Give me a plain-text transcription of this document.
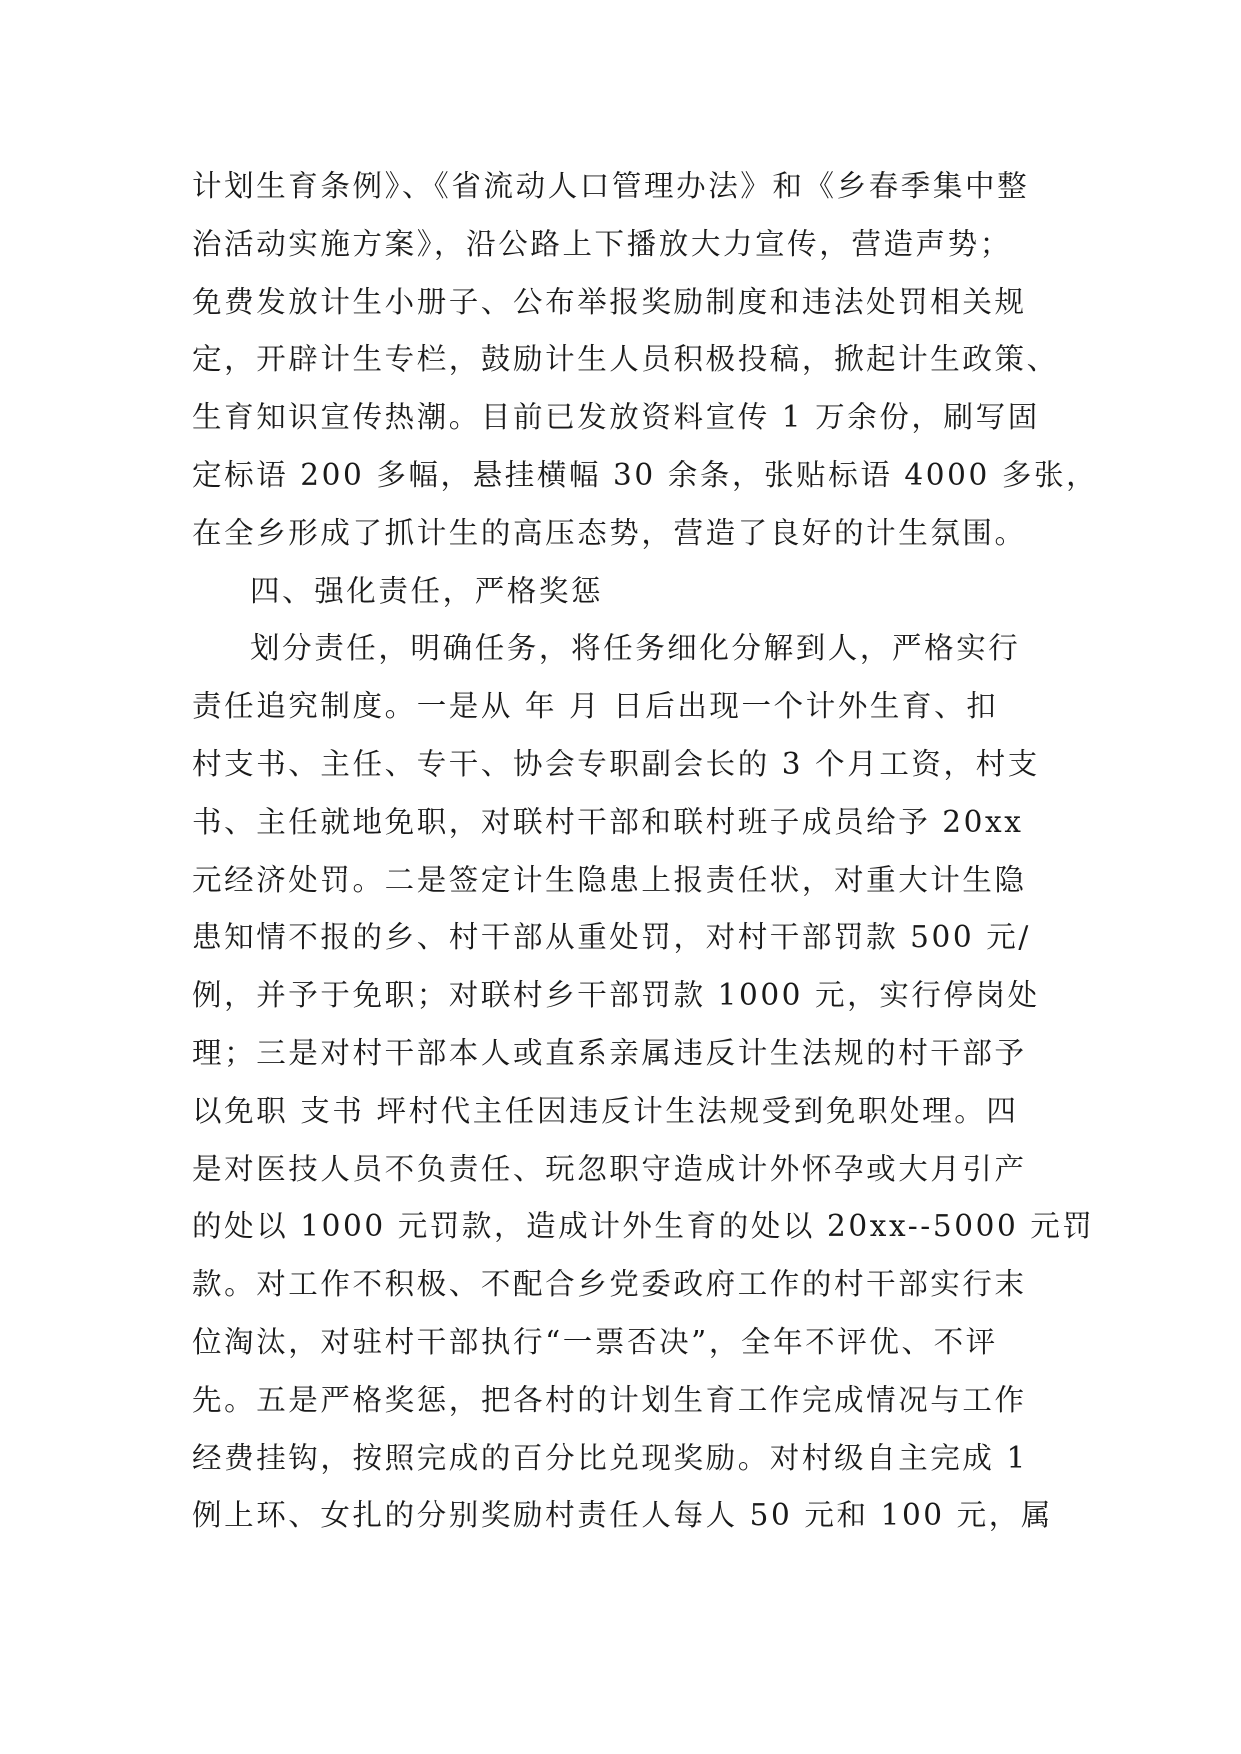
计划生育条例》、《省流动人口管理办法》和《乡春季集中整
治活动实施方案》，沿公路上下播放大力宣传，营造声势；
免费发放计生小册子、公布举报奖励制度和违法处罚相关规
定，开辟计生专栏，鼓励计生人员积极投稿，掀起计生政策、
生育知识宣传热潮。目前已发放资料宣传 1 万余份，刷写固
定标语 200 多幅，悬挂横幅 30 余条，张贴标语 4000 多张，
在全乡形成了抓计生的高压态势，营造了良好的计生氛围。
四、强化责任，严格奖惩
划分责任，明确任务，将任务细化分解到人，严格实行
责任追究制度。一是从 年 月 日后出现一个计外生育、扣
村支书、主任、专干、协会专职副会长的 3 个月工资，村支
书、主任就地免职，对联村干部和联村班子成员给予 20xx
元经济处罚。二是签定计生隐患上报责任状，对重大计生隐
患知情不报的乡、村干部从重处罚，对村干部罚款 500 元/
例，并予于免职；对联村乡干部罚款 1000 元，实行停岗处
理；三是对村干部本人或直系亲属违反计生法规的村干部予
以免职 支书 坪村代主任因违反计生法规受到免职处理。四
是对医技人员不负责任、玩忽职守造成计外怀孕或大月引产
的处以 1000 元罚款，造成计外生育的处以 20xx--5000 元罚
款。对工作不积极、不配合乡党委政府工作的村干部实行末
位淘汰，对驻村干部执行“一票否决”，全年不评优、不评
先。五是严格奖惩，把各村的计划生育工作完成情况与工作
经费挂钩，按照完成的百分比兑现奖励。对村级自主完成 1
例上环、女扎的分别奖励村责任人每人 50 元和 100 元，属
